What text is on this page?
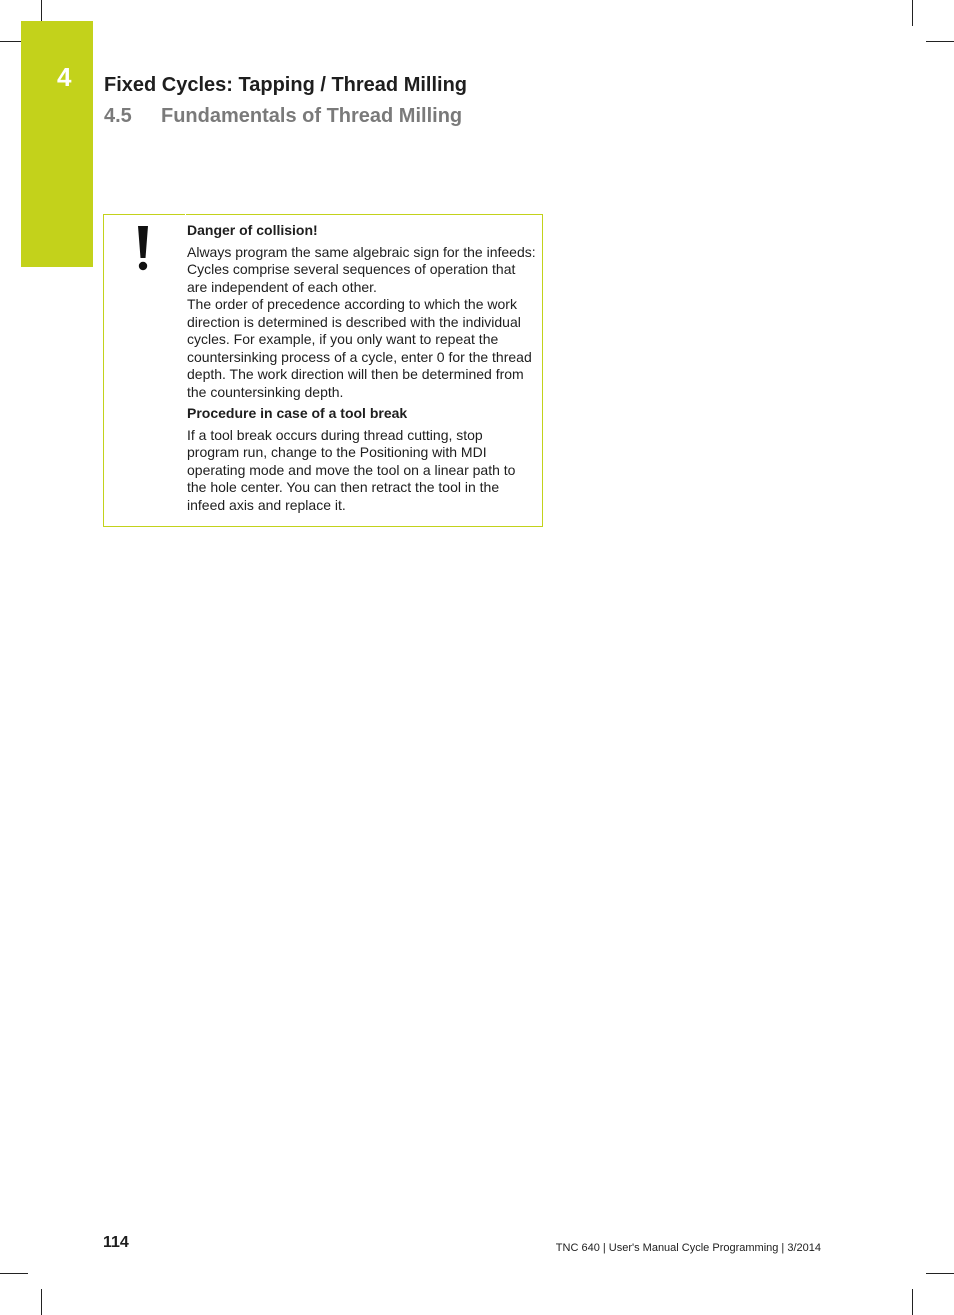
4 Fixed Cycles: Tapping / Thread Milling
4.5 Fundamentals of Thread Milling

Danger of collision!

Always program the same algebraic sign for the infeeds: Cycles comprise several sequences of operation that are independent of each other.

The order of precedence according to which the work direction is determined is described with the individual cycles. For example, if you only want to repeat the countersinking process of a cycle, enter 0 for the thread depth. The work direction will then be determined from the countersinking depth.

Procedure in case of a tool break

If a tool break occurs during thread cutting, stop program run, change to the Positioning with MDI operating mode and move the tool on a linear path to the hole center. You can then retract the tool in the infeed axis and replace it.

114	TNC 640 | User's Manual Cycle Programming | 3/2014
